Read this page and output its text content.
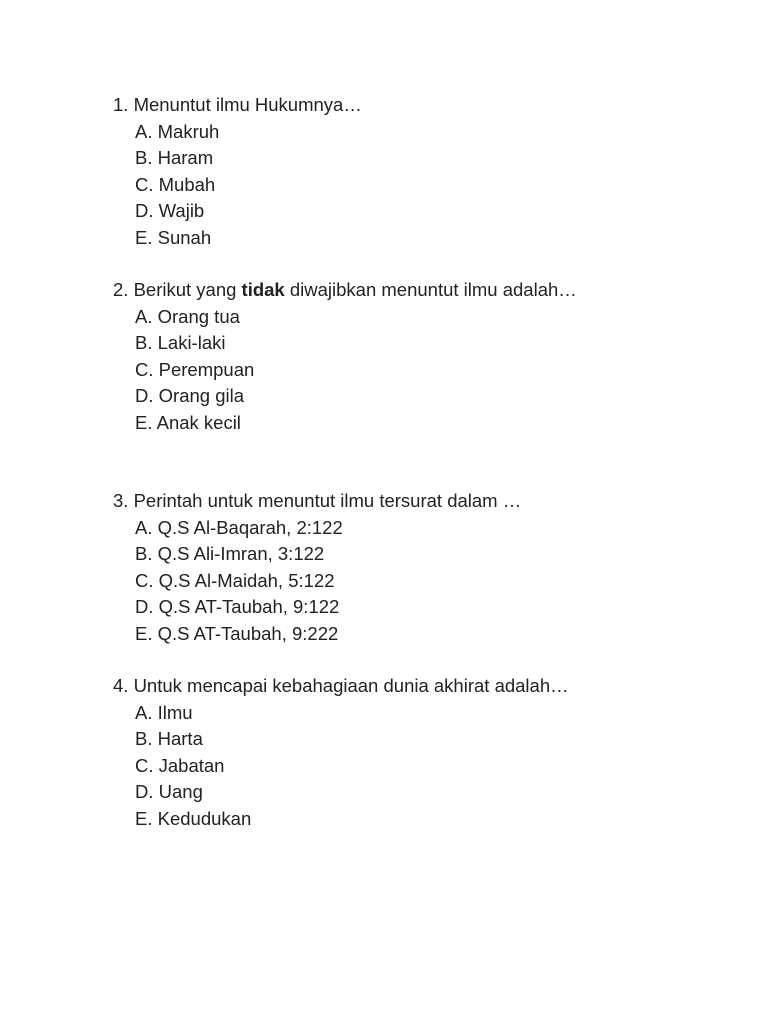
1. Menuntut ilmu Hukumnya…
A. Makruh
B. Haram
C. Mubah
D. Wajib
E. Sunah
2. Berikut yang tidak diwajibkan menuntut ilmu adalah…
A. Orang tua
B. Laki-laki
C. Perempuan
D. Orang gila
E. Anak kecil
3. Perintah untuk menuntut ilmu tersurat dalam …
A. Q.S Al-Baqarah, 2:122
B. Q.S Ali-Imran, 3:122
C. Q.S Al-Maidah, 5:122
D. Q.S AT-Taubah, 9:122
E. Q.S AT-Taubah, 9:222
4. Untuk mencapai kebahagiaan dunia akhirat adalah…
A. Ilmu
B. Harta
C. Jabatan
D. Uang
E. Kedudukan
